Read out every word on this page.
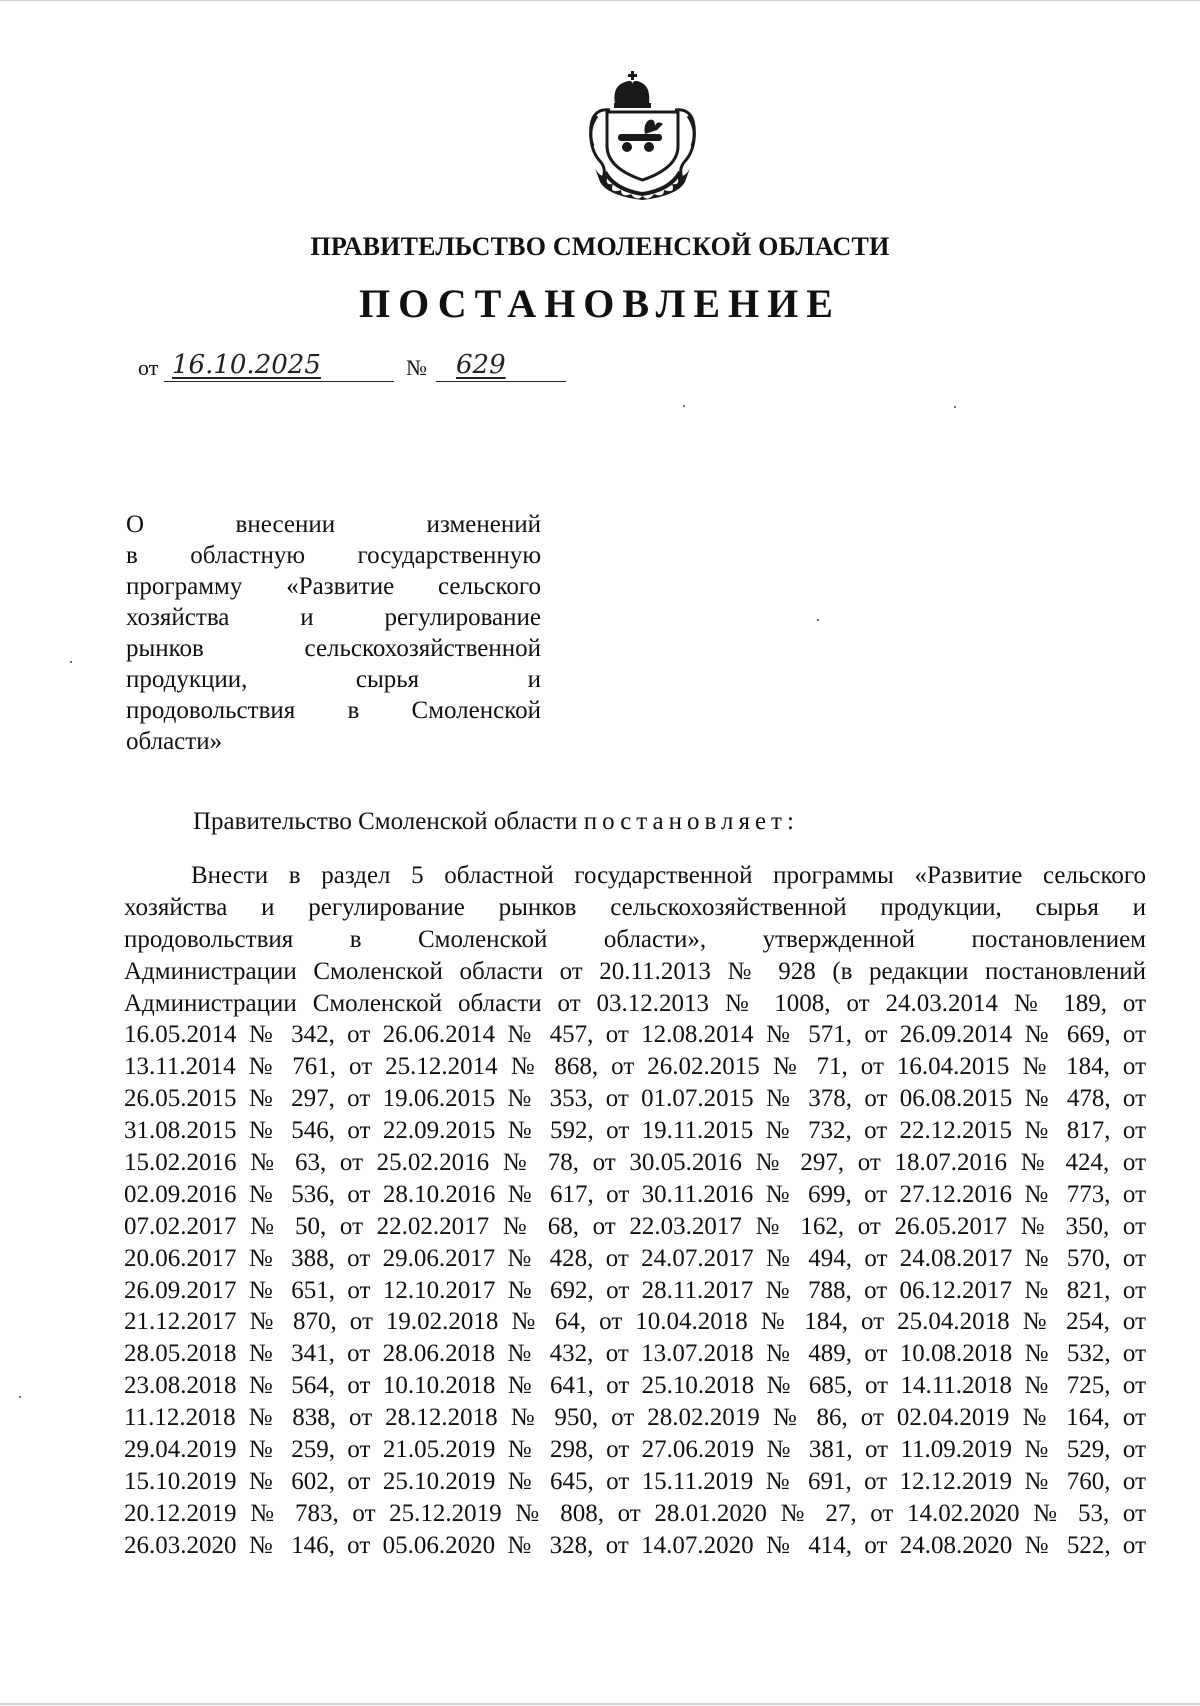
ПРАВИТЕЛЬСТВО СМОЛЕНСКОЙ ОБЛАСТИ
ПОСТАНОВЛЕНИЕ
от 16.10.2025	№ 629
О внесении изменений
в областную государственную
программу «Развитие сельского
хозяйства и регулирование
рынков сельскохозяйственной
продукции, сырья и
продовольствия в Смоленской
области»
Правительство Смоленской области постановляет:
Внести в раздел 5 областной государственной программы «Развитие сельского
хозяйства и регулирование рынков сельскохозяйственной продукции, сырья и
продовольствия в Смоленской области», утвержденной постановлением
Администрации Смоленской области от 20.11.2013 № 928 (в редакции постановлений
Администрации Смоленской области от 03.12.2013 № 1008, от 24.03.2014 № 189, от
16.05.2014 № 342, от 26.06.2014 № 457, от 12.08.2014 № 571, от 26.09.2014 № 669, от
13.11.2014 № 761, от 25.12.2014 № 868, от 26.02.2015 № 71, от 16.04.2015 № 184, от
26.05.2015 № 297, от 19.06.2015 № 353, от 01.07.2015 № 378, от 06.08.2015 № 478, от
31.08.2015 № 546, от 22.09.2015 № 592, от 19.11.2015 № 732, от 22.12.2015 № 817, от
15.02.2016 № 63, от 25.02.2016 № 78, от 30.05.2016 № 297, от 18.07.2016 № 424, от
02.09.2016 № 536, от 28.10.2016 № 617, от 30.11.2016 № 699, от 27.12.2016 № 773, от
07.02.2017 № 50, от 22.02.2017 № 68, от 22.03.2017 № 162, от 26.05.2017 № 350, от
20.06.2017 № 388, от 29.06.2017 № 428, от 24.07.2017 № 494, от 24.08.2017 № 570, от
26.09.2017 № 651, от 12.10.2017 № 692, от 28.11.2017 № 788, от 06.12.2017 № 821, от
21.12.2017 № 870, от 19.02.2018 № 64, от 10.04.2018 № 184, от 25.04.2018 № 254, от
28.05.2018 № 341, от 28.06.2018 № 432, от 13.07.2018 № 489, от 10.08.2018 № 532, от
23.08.2018 № 564, от 10.10.2018 № 641, от 25.10.2018 № 685, от 14.11.2018 № 725, от
11.12.2018 № 838, от 28.12.2018 № 950, от 28.02.2019 № 86, от 02.04.2019 № 164, от
29.04.2019 № 259, от 21.05.2019 № 298, от 27.06.2019 № 381, от 11.09.2019 № 529, от
15.10.2019 № 602, от 25.10.2019 № 645, от 15.11.2019 № 691, от 12.12.2019 № 760, от
20.12.2019 № 783, от 25.12.2019 № 808, от 28.01.2020 № 27, от 14.02.2020 № 53, от
26.03.2020 № 146, от 05.06.2020 № 328, от 14.07.2020 № 414, от 24.08.2020 № 522, от
